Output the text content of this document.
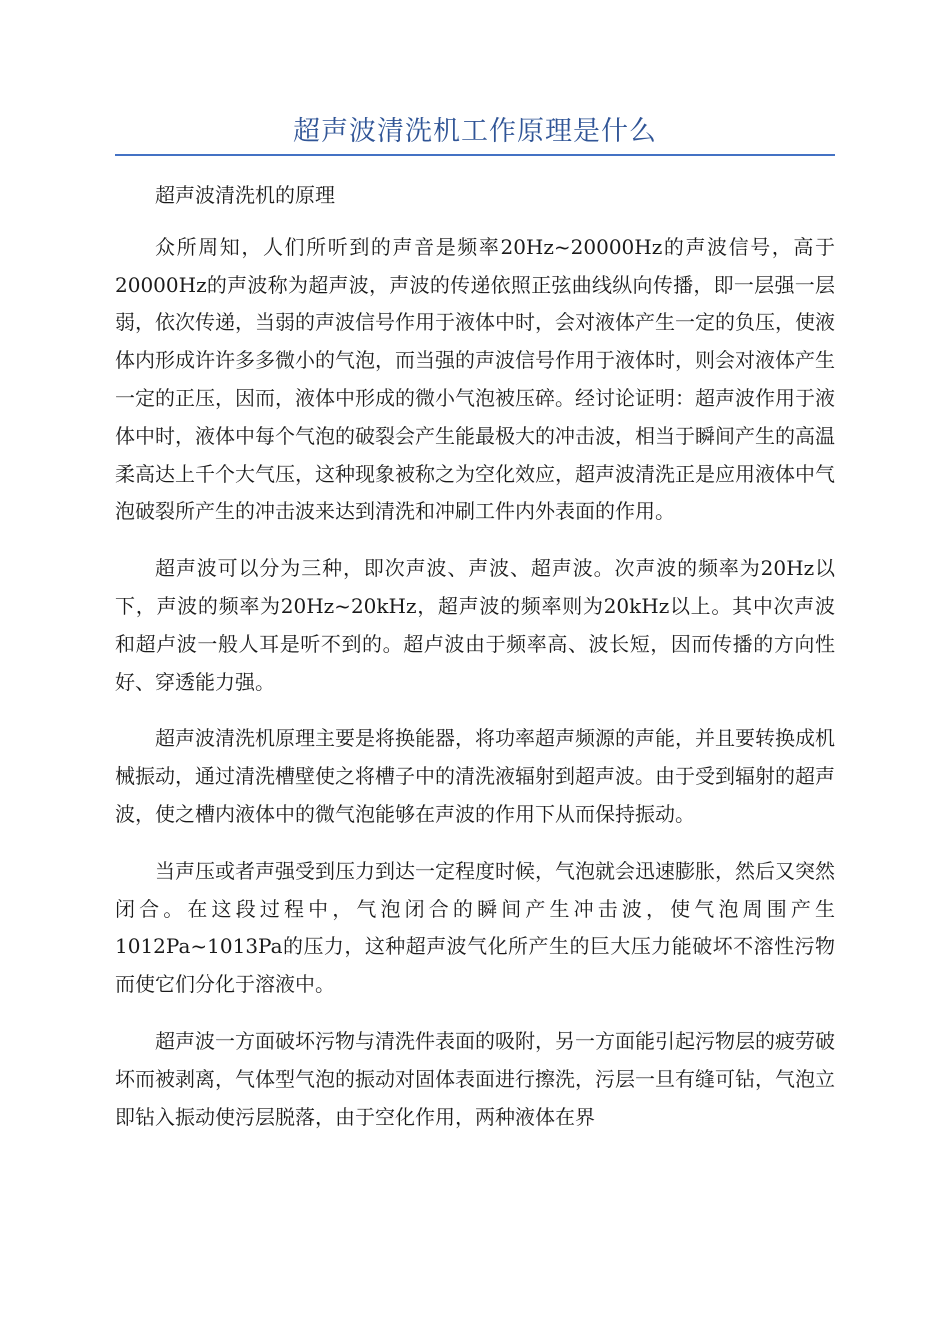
超声波清洗机工作原理是什么

超声波清洗机的原理

众所周知，人们所听到的声音是频率20Hz~20000Hz的声波信号，高于20000Hz的声波称为超声波，声波的传递依照正弦曲线纵向传播，即一层强一层弱，依次传递，当弱的声波信号作用于液体中时，会对液体产生一定的负压，使液体内形成许许多多微小的气泡，而当强的声波信号作用于液体时，则会对液体产生一定的正压，因而，液体中形成的微小气泡被压碎。经讨论证明：超声波作用于液体中时，液体中每个气泡的破裂会产生能最极大的冲击波，相当于瞬间产生的高温柔高达上千个大气压，这种现象被称之为空化效应，超声波清洗正是应用液体中气泡破裂所产生的冲击波来达到清洗和冲刷工件内外表面的作用。

超声波可以分为三种，即次声波、声波、超声波。次声波的频率为20Hz以下，声波的频率为20Hz~20kHz，超声波的频率则为20kHz以上。其中次声波和超卢波一般人耳是听不到的。超卢波由于频率高、波长短，因而传播的方向性好、穿透能力强。

超声波清洗机原理主要是将换能器，将功率超声频源的声能，并且要转换成机械振动，通过清洗槽壁使之将槽子中的清洗液辐射到超声波。由于受到辐射的超声波，使之槽内液体中的微气泡能够在声波的作用下从而保持振动。

当声压或者声强受到压力到达一定程度时候，气泡就会迅速膨胀，然后又突然闭合。在这段过程中，气泡闭合的瞬间产生冲击波，使气泡周围产生1012Pa~1013Pa的压力，这种超声波气化所产生的巨大压力能破坏不溶性污物而使它们分化于溶液中。

超声波一方面破坏污物与清洗件表面的吸附，另一方面能引起污物层的疲劳破坏而被剥离，气体型气泡的振动对固体表面进行擦洗，污层一旦有缝可钻，气泡立即钻入振动使污层脱落，由于空化作用，两种液体在界
